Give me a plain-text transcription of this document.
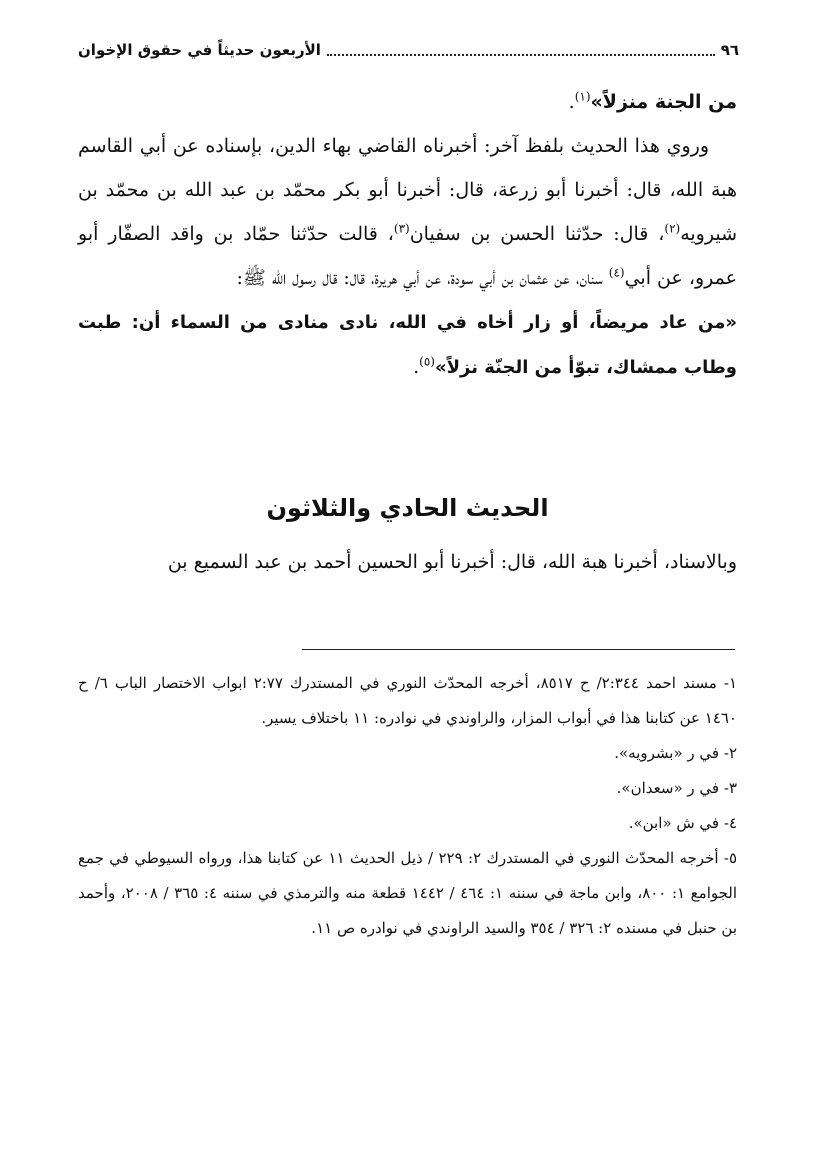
٩٦
الأربعون حديثاً في حقوق الإخوان

من الجنة منزلاً»$^{(١)}$.

وروي هذا الحديث بلفظ آخر: أخبرناه القاضي بهاء الدين، بإسناده عن أبي القاسم هبة الله، قال: أخبرنا أبو زرعة، قال: أخبرنا أبو بكر محمّد بن عبد الله بن محمّد بن شيرويه$^{(٢)}$، قال: حدّثنا الحسن بن سفيان$^{(٣)}$، قالت حدّثنا حمّاد بن واقد الصفّار أبو عمرو، عن أبي$^{(٤)}$ سنان، عن عثمان بن أبي سودة، عن أبي هريرة، قال: قال رسول الله ﷺ:

«من عاد مريضاً، أو زار أخاه في الله، نادى منادى من السماء أن: طبت وطاب ممشاك، تبوّأ من الجنّة نزلاً»$^{(٥)}$.

الحديث الحادي والثلاثون
وبالاسناد، أخبرنا هبة الله، قال: أخبرنا أبو الحسين أحمد بن عبد السميع بن

١- مسند احمد ٢:٣٤٤/ ح ٨٥١٧، أخرجه المحدّث النوري في المستدرك ٢:٧٧ ابواب الاختصار الباب ٦/ ح ١٤٦٠ عن كتابنا هذا في أبواب المزار، والراوندي في نوادره: ١١ باختلاف يسير.

٢- في ر «بشرويه».

٣- في ر «سعدان».

٤- في ش «ابن».

٥- أخرجه المحدّث النوري في المستدرك ٢: ٢٢٩ / ذيل الحديث ١١ عن كتابنا هذا، ورواه السيوطي في جمع الجوامع ١: ٨٠٠، وابن ماجة في سننه ١: ٤٦٤ / ١٤٤٢ قطعة منه والترمذي في سننه ٤: ٣٦٥ / ٢٠٠٨، وأحمد بن حنبل في مسنده ٢: ٣٢٦ / ٣٥٤ والسيد الراوندي في نوادره ص ١١.
